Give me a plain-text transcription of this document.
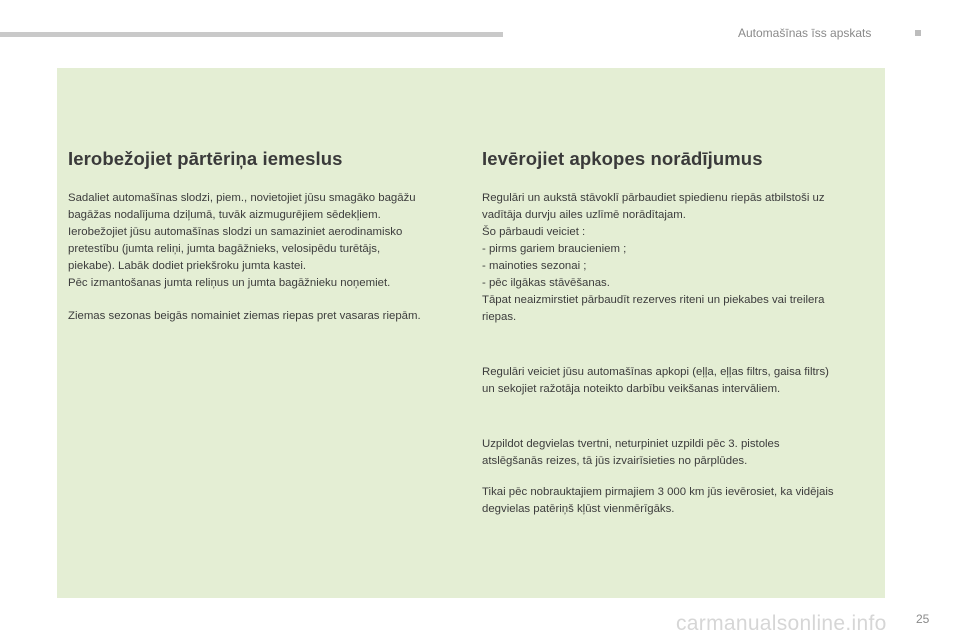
Automašīnas īss apskats
Ierobežojiet pārtēriņa iemeslus

Sadaliet automašīnas slodzi, piem., novietojiet jūsu smagāko bagāžu
bagāžas nodalījuma dziļumā, tuvāk aizmugurējiem sēdekļiem.
Ierobežojiet jūsu automašīnas slodzi un samaziniet aerodinamisko
pretestību (jumta reliņi, jumta bagāžnieks, velosipēdu turētājs,
piekabe). Labāk dodiet priekšroku jumta kastei.
Pēc izmantošanas jumta reliņus un jumta bagāžnieku noņemiet.

Ziemas sezonas beigās nomainiet ziemas riepas pret vasaras riepām.

Ievērojiet apkopes norādījumus

Regulāri un aukstā stāvoklī pārbaudiet spiedienu riepās atbilstoši uz
vadītāja durvju ailes uzlīmē norādītajam.
Šo pārbaudi veiciet :
- pirms gariem braucieniem ;
- mainoties sezonai ;
- pēc ilgākas stāvēšanas.
Tāpat neaizmirstiet pārbaudīt rezerves riteni un piekabes vai treilera
riepas.

Regulāri veiciet jūsu automašīnas apkopi (eļļa, eļļas filtrs, gaisa filtrs)
un sekojiet ražotāja noteikto darbību veikšanas intervāliem.

Uzpildot degvielas tvertni, neturpiniet uzpildi pēc 3. pistoles
atslēgšanās reizes, tā jūs izvairīsieties no pārplūdes.

Tikai pēc nobrauktajiem pirmajiem 3 000 km jūs ievērosiet, ka vidējais
degvielas patēriņš kļūst vienmērīgāks.

carmanualsonline.info 25
